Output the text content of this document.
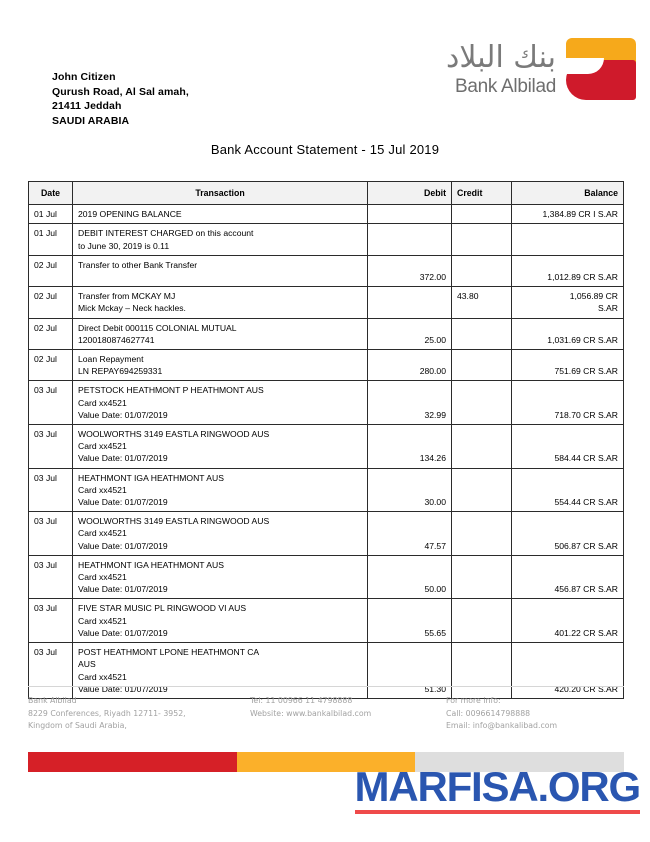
John Citizen
Qurush Road, Al Sal amah,
21411 Jeddah
SAUDI ARABIA
بنك البلاد
Bank Albilad
Bank Account Statement - 15 Jul 2019
Date	Transaction	Debit	Credit	Balance
01 Jul	2019 OPENING BALANCE			1,384.89 CR I S.AR

01 Jul	DEBIT INTEREST CHARGED on this account
to June 30, 2019 is 0.11			

02 Jul	Transfer to other Bank Transfer	372.00		1,012.89 CR S.AR

02 Jul	Transfer from MCKAY MJ
Mick Mckay – Neck hackles.		43.80	1,056.89 CR
S.AR

02 Jul	Direct Debit 000115 COLONIAL MUTUAL
1200180874627741	25.00		1,031.69 CR S.AR

02 Jul	Loan Repayment
LN REPAY694259331	280.00		751.69 CR S.AR

03 Jul	PETSTOCK HEATHMONT P HEATHMONT AUS
Card xx4521
Value Date: 01/07/2019	32.99		718.70 CR S.AR

03 Jul	WOOLWORTHS 3149 EASTLA RINGWOOD AUS
Card xx4521
Value Date: 01/07/2019	134.26		584.44 CR S.AR

03 Jul	HEATHMONT IGA HEATHMONT AUS
Card xx4521
Value Date: 01/07/2019	30.00		554.44 CR S.AR

03 Jul	WOOLWORTHS 3149 EASTLA RINGWOOD AUS
Card xx4521
Value Date: 01/07/2019	47.57		506.87 CR S.AR

03 Jul	HEATHMONT IGA HEATHMONT AUS
Card xx4521
Value Date: 01/07/2019	50.00		456.87 CR S.AR

03 Jul	FIVE STAR MUSIC PL RINGWOOD VI AUS
Card xx4521
Value Date: 01/07/2019	55.65		401.22 CR S.AR

03 Jul	POST HEATHMONT LPONE HEATHMONT CA
AUS
Card xx4521
Value Date: 01/07/2019	51.30		420.20 CR S.AR
Bank Albilad
8229 Conferences, Riyadh 12711- 3952,
Kingdom of Saudi Arabia,
Tel: 11 00966 11 4798888
Website: www.bankalbilad.com
For more info:
Call: 0096614798888
Email: info@bankalibad.com
MARFISA.ORG
